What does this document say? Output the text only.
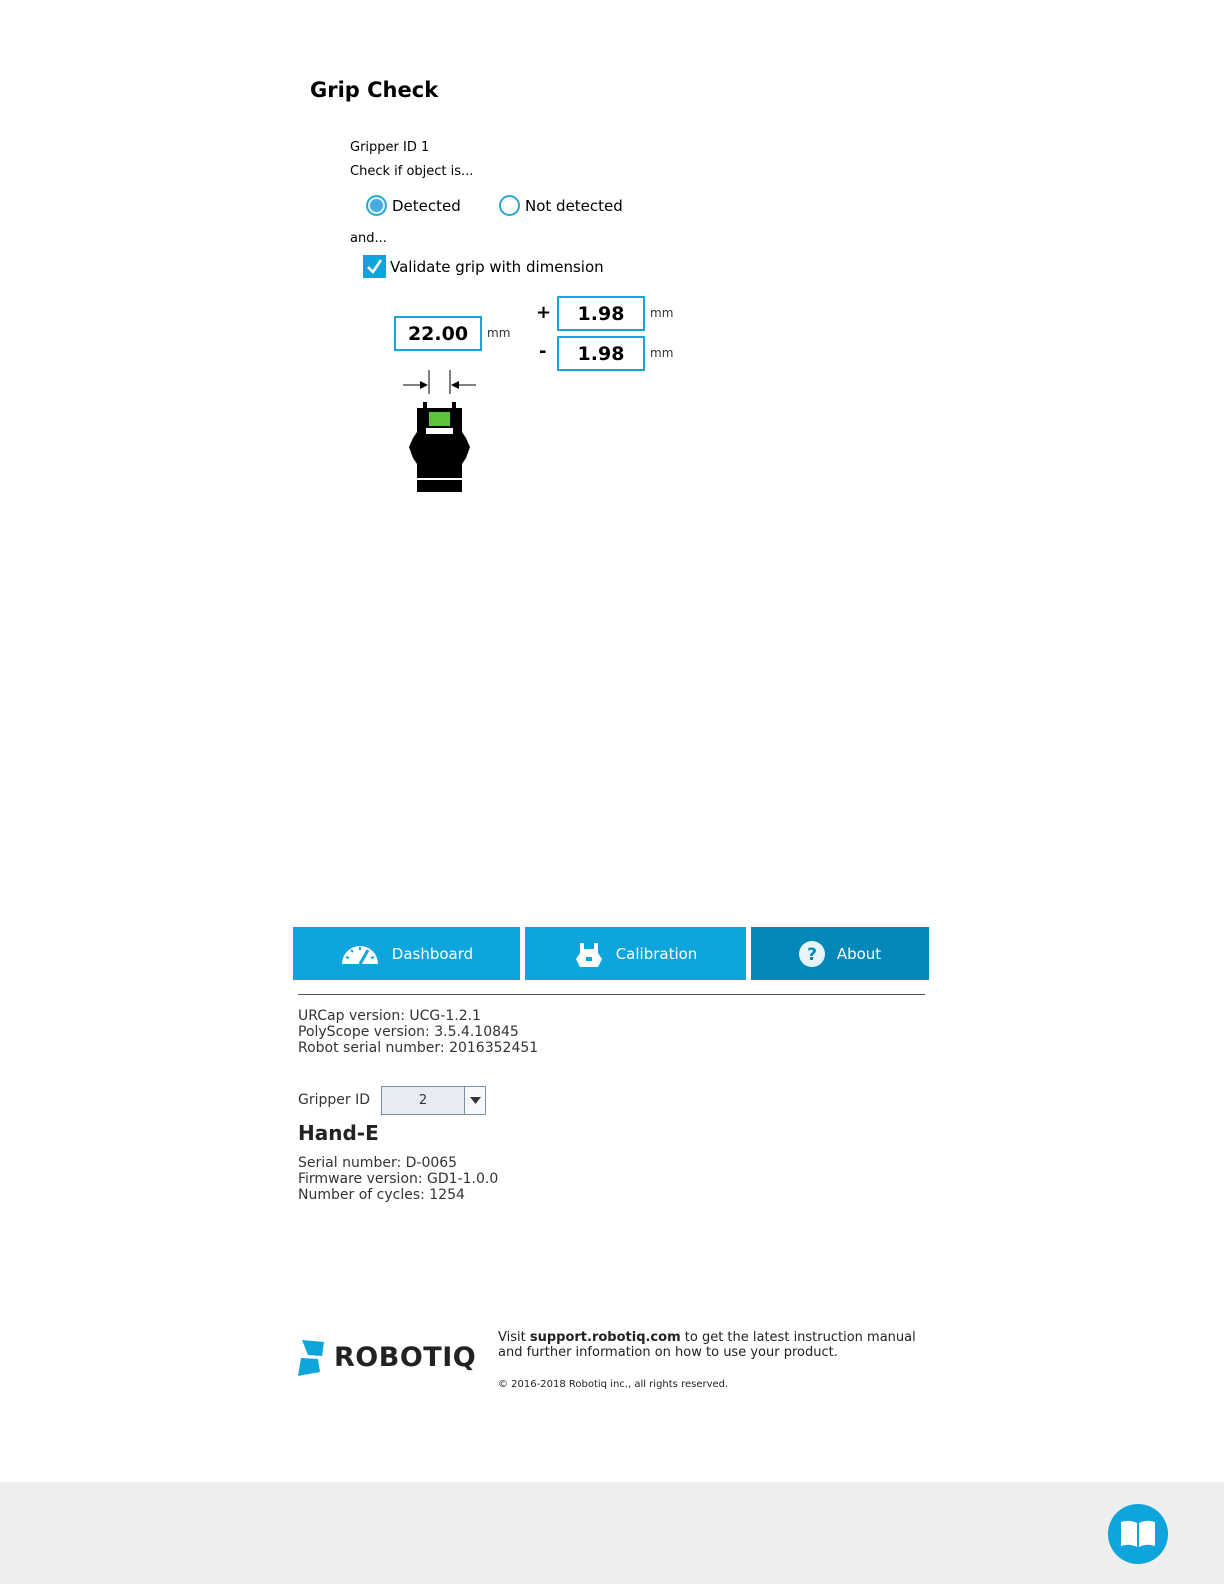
Grip Check
Gripper ID 1
Check if object is...
Detected	Not detected
and...
Validate grip with dimension
22.00	mm
+	1.98	mm
-	1.98	mm
Dashboard	Calibration	? About
URCap version: UCG-1.2.1
PolyScope version: 3.5.4.10845
Robot serial number: 2016352451
Gripper ID	2
Hand-E
Serial number: D-0065
Firmware version: GD1-1.0.0
Number of cycles: 1254
ROBOTIQ
Visit support.robotiq.com to get the latest instruction manual and further information on how to use your product.
© 2016-2018 Robotiq inc., all rights reserved.
